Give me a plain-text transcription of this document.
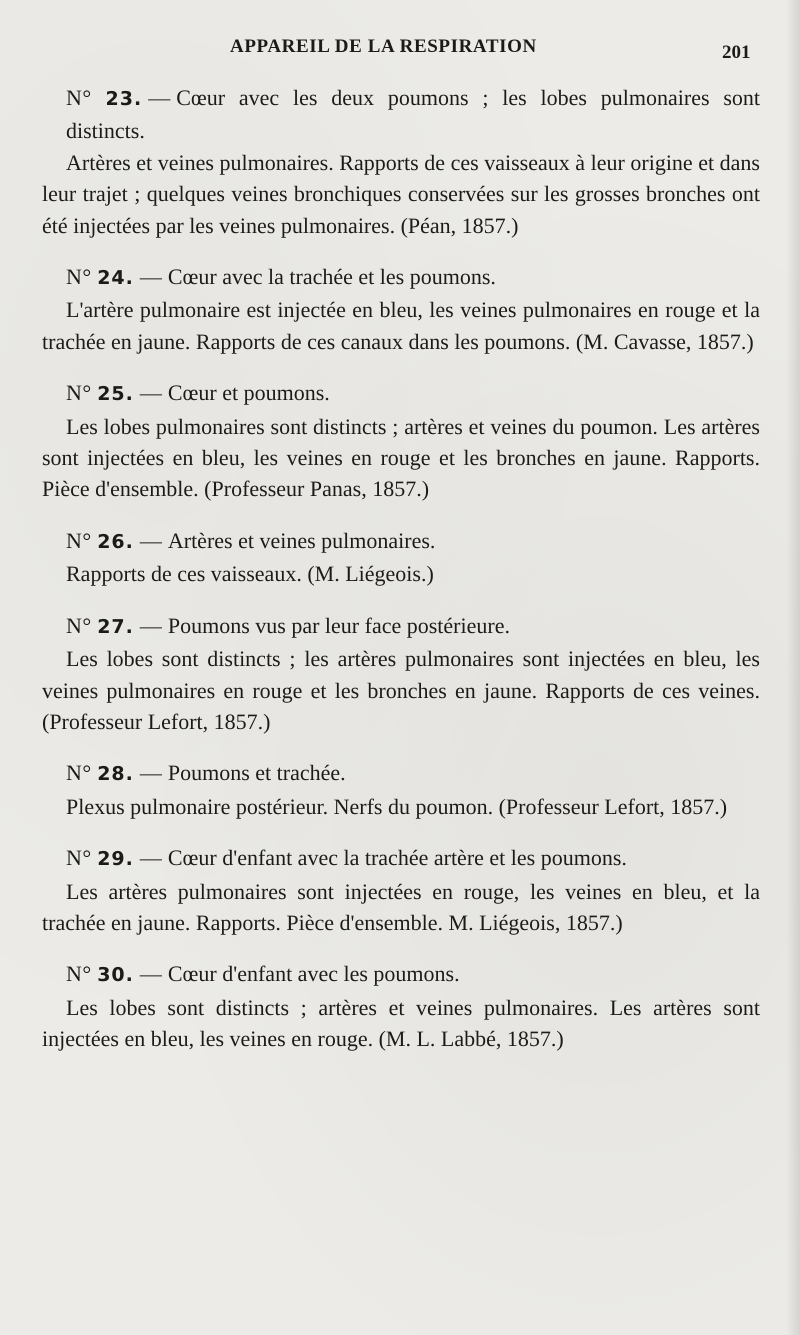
APPAREIL DE LA RESPIRATION	201

N° 23. — Cœur avec les deux poumons ; les lobes pulmonaires sont distincts.

Artères et veines pulmonaires. Rapports de ces vaisseaux à leur origine et dans leur trajet ; quelques veines bronchiques conservées sur les grosses bronches ont été injectées par les veines pulmonaires. (Péan, 1857.)

N° 24. — Cœur avec la trachée et les poumons.

L'artère pulmonaire est injectée en bleu, les veines pulmonaires en rouge et la trachée en jaune. Rapports de ces canaux dans les poumons. (M. Cavasse, 1857.)

N° 25. — Cœur et poumons.

Les lobes pulmonaires sont distincts ; artères et veines du poumon. Les artères sont injectées en bleu, les veines en rouge et les bronches en jaune. Rapports. Pièce d'ensemble. (Professeur Panas, 1857.)

N° 26. — Artères et veines pulmonaires.

Rapports de ces vaisseaux. (M. Liégeois.)

N° 27. — Poumons vus par leur face postérieure.

Les lobes sont distincts ; les artères pulmonaires sont injectées en bleu, les veines pulmonaires en rouge et les bronches en jaune. Rapports de ces veines. (Professeur Lefort, 1857.)

N° 28. — Poumons et trachée.

Plexus pulmonaire postérieur. Nerfs du poumon. (Professeur Lefort, 1857.)

N° 29. — Cœur d'enfant avec la trachée artère et les poumons.

Les artères pulmonaires sont injectées en rouge, les veines en bleu, et la trachée en jaune. Rapports. Pièce d'ensemble. M. Liégeois, 1857.)

N° 30. — Cœur d'enfant avec les poumons.

Les lobes sont distincts ; artères et veines pulmonaires. Les artères sont injectées en bleu, les veines en rouge. (M. L. Labbé, 1857.)
